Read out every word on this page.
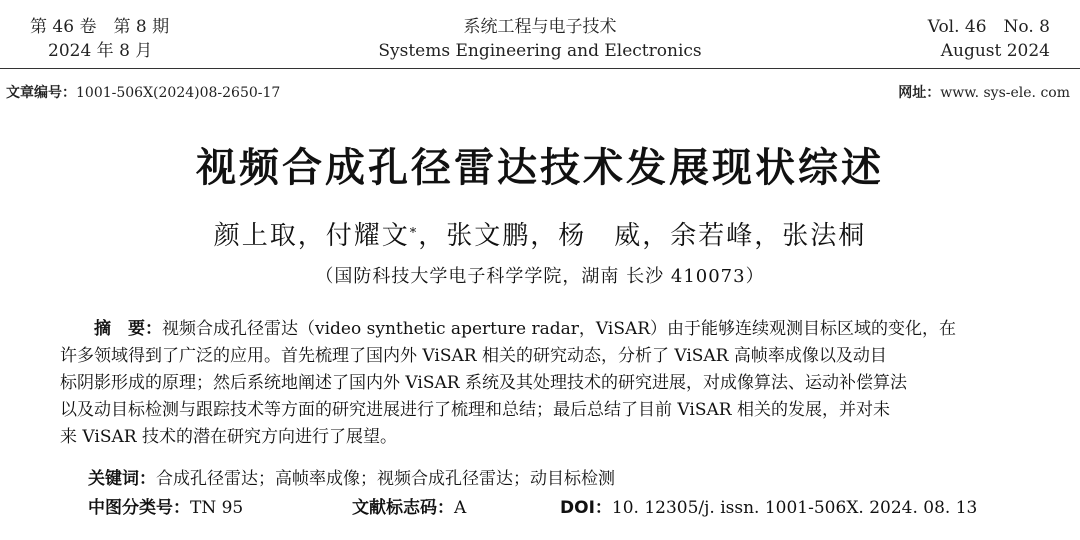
第 46 卷　第 8 期
2024 年 8 月
系统工程与电子技术
Systems Engineering and Electronics
Vol. 46　No. 8
August 2024
文章编号：1001-506X(2024)08-2650-17	网址：www. sys-ele. com
视频合成孔径雷达技术发展现状综述
颜上取，付耀文*，张文鹏，杨　威，余若峰，张法桐
（国防科技大学电子科学学院，湖南 长沙 410073）
摘　要：视频合成孔径雷达（video synthetic aperture radar，ViSAR）由于能够连续观测目标区域的变化，在
许多领域得到了广泛的应用。首先梳理了国内外 ViSAR 相关的研究动态，分析了 ViSAR 高帧率成像以及动目
标阴影形成的原理；然后系统地阐述了国内外 ViSAR 系统及其处理技术的研究进展，对成像算法、运动补偿算法
以及动目标检测与跟踪技术等方面的研究进展进行了梳理和总结；最后总结了目前 ViSAR 相关的发展，并对未
来 ViSAR 技术的潜在研究方向进行了展望。
关键词：合成孔径雷达；高帧率成像；视频合成孔径雷达；动目标检测
中图分类号：TN 95	文献标志码：A	DOI：10. 12305/j. issn. 1001-506X. 2024. 08. 13
